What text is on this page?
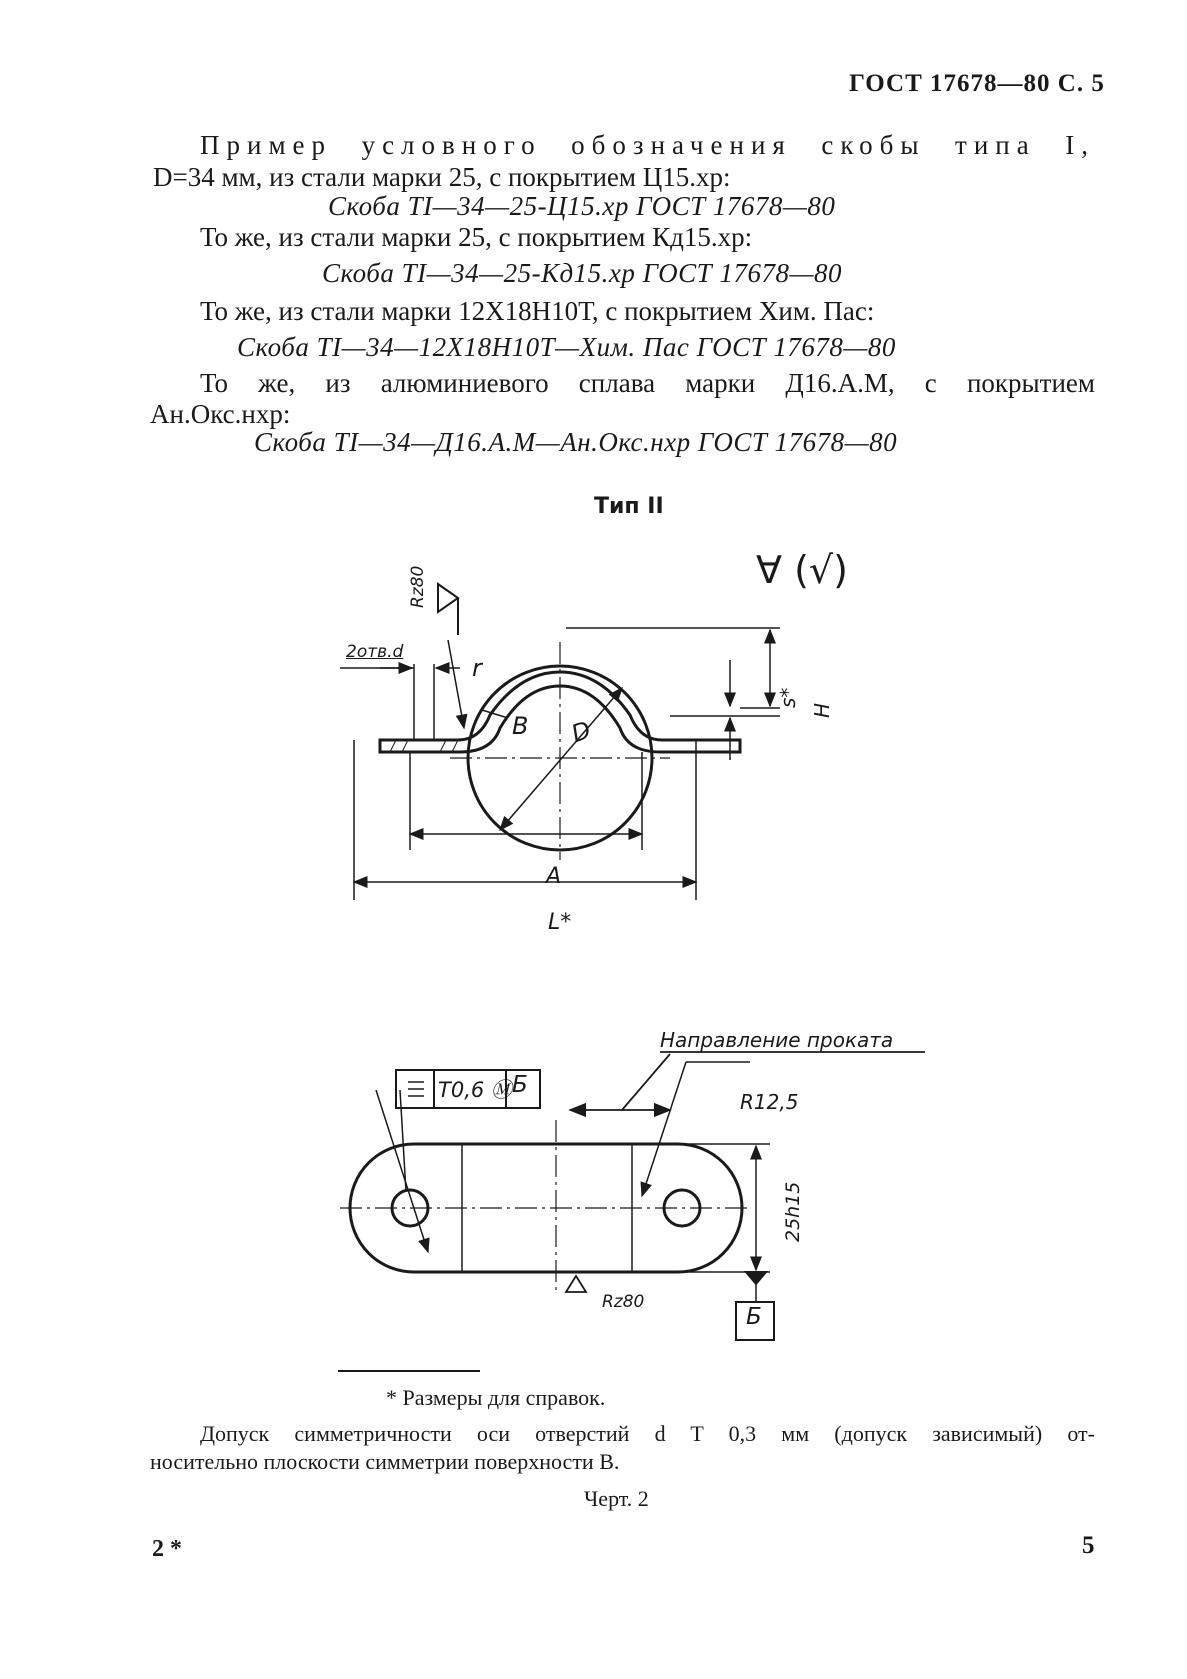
ГОСТ 17678—80 С. 5
Пример условного обозначения скобы типа I,
D=34 мм, из стали марки 25, с покрытием Ц15.хр:
Скоба TI—34—25-Ц15.хр ГОСТ 17678—80
То же, из стали марки 25, с покрытием Кд15.хр:
Скоба TI—34—25-Кд15.хр ГОСТ 17678—80
То же, из стали марки 12Х18Н10Т, с покрытием Хим. Пас:
Скоба TI—34—12Х18Н10Т—Хим. Пас ГОСТ 17678—80
То же, из алюминиевого сплава марки Д16.А.М, с покрытием
Ан.Окс.нхр:
Скоба TI—34—Д16.А.М—Ан.Окс.нхр ГОСТ 17678—80
Тип II
Rz80
2отв.d
r
B D
s*
H
A
L*
∀ (√)
Направление проката
T0,6 Ⓜ Б
R12,5
25h15
Rz80
Б
* Размеры для справок.
Допуск симметричности оси отверстий d T 0,3 мм (допуск зависимый) от-
носительно плоскости симметрии поверхности B.
Черт. 2
2 *	5
